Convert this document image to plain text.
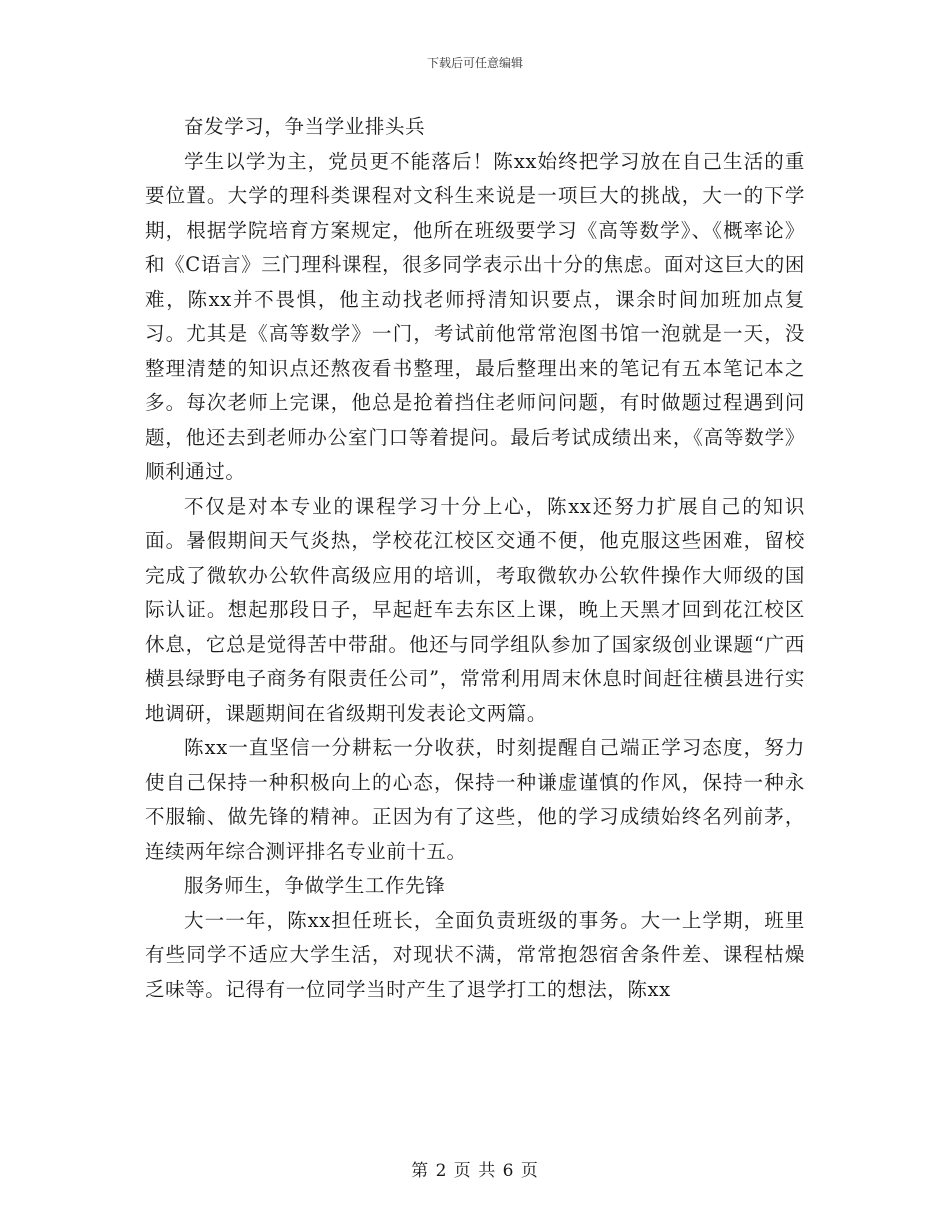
下载后可任意编辑

奋发学习，争当学业排头兵

学生以学为主，党员更不能落后！陈xx始终把学习放在自己生活的重要位置。大学的理科类课程对文科生来说是一项巨大的挑战，大一的下学期，根据学院培育方案规定，他所在班级要学习《高等数学》、《概率论》和《C语言》三门理科课程，很多同学表示出十分的焦虑。面对这巨大的困难，陈xx并不畏惧，他主动找老师捋清知识要点，课余时间加班加点复习。尤其是《高等数学》一门，考试前他常常泡图书馆一泡就是一天，没整理清楚的知识点还熬夜看书整理，最后整理出来的笔记有五本笔记本之多。每次老师上完课，他总是抢着挡住老师问问题，有时做题过程遇到问题，他还去到老师办公室门口等着提问。最后考试成绩出来，《高等数学》顺利通过。

不仅是对本专业的课程学习十分上心，陈xx还努力扩展自己的知识面。暑假期间天气炎热，学校花江校区交通不便，他克服这些困难，留校完成了微软办公软件高级应用的培训，考取微软办公软件操作大师级的国际认证。想起那段日子，早起赶车去东区上课，晚上天黑才回到花江校区休息，它总是觉得苦中带甜。他还与同学组队参加了国家级创业课题“广西横县绿野电子商务有限责任公司”，常常利用周末休息时间赶往横县进行实地调研，课题期间在省级期刊发表论文两篇。

陈xx一直坚信一分耕耘一分收获，时刻提醒自己端正学习态度，努力使自己保持一种积极向上的心态，保持一种谦虚谨慎的作风，保持一种永不服输、做先锋的精神。正因为有了这些，他的学习成绩始终名列前茅，连续两年综合测评排名专业前十五。

服务师生，争做学生工作先锋

大一一年，陈xx担任班长，全面负责班级的事务。大一上学期，班里有些同学不适应大学生活，对现状不满，常常抱怨宿舍条件差、课程枯燥乏味等。记得有一位同学当时产生了退学打工的想法，陈xx

第 2 页 共 6 页
